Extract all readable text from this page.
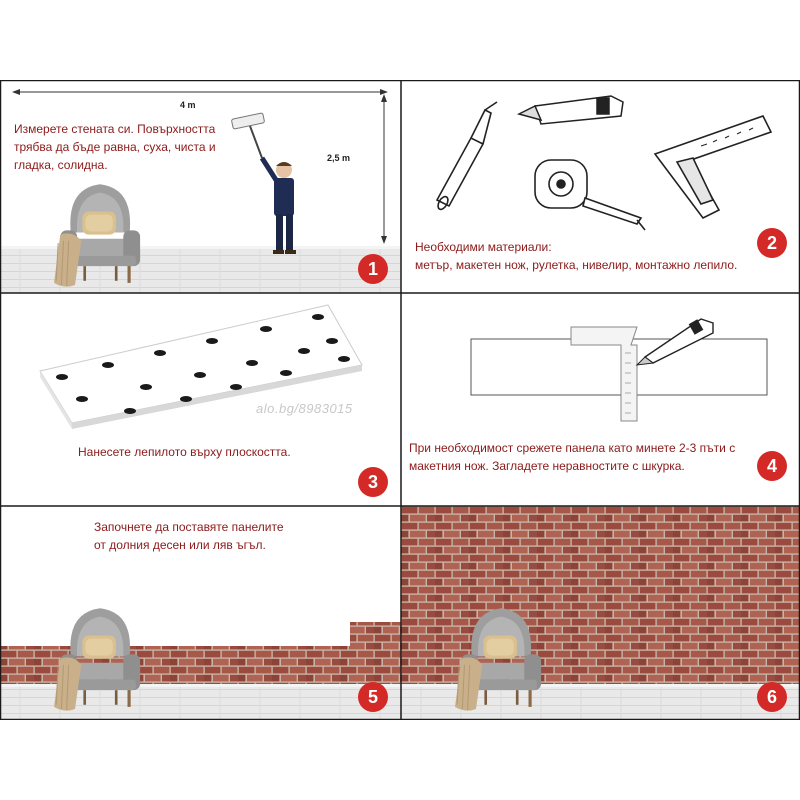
4 m
2,5 m
Измерете стената си. Повърхността
трябва да бъде равна, суха, чиста и
гладка, солидна.
1
Необходими материали:
метър, макетен нож, рулетка, нивелир, монтажно лепило.
2
alo.bg/8983015
Нанесете лепилото върху плоскостта.
3
При необходимост срежете панела като минете 2-3 пъти с
макетния нож. Загладете неравностите с шкурка.	4
Започнете да поставяте панелите
от долния десен или ляв ъгъл.
5	6
